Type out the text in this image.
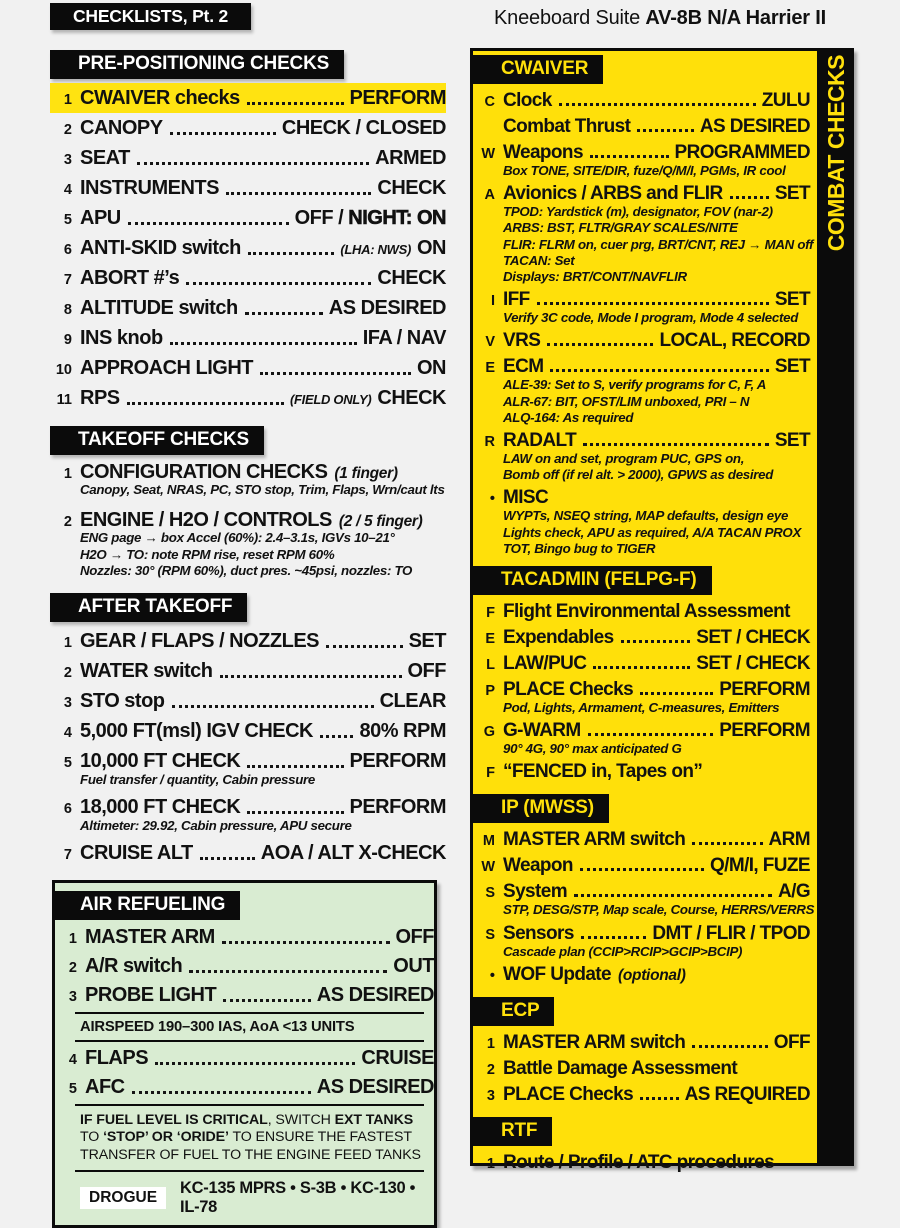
CHECKLISTS, Pt. 2	Kneeboard Suite AV-8B N/A Harrier II
PRE-POSITIONING CHECKS
1 CWAIVER checks	PERFORM
2 CANOPY	CHECK / CLOSED
3 SEAT	ARMED
4 INSTRUMENTS	CHECK
5 APU	OFF / NIGHT: ON
6 ANTI-SKID switch	(LHA: NWS) ON
7 ABORT #’s	CHECK
8 ALTITUDE switch	AS DESIRED
9 INS knob	IFA / NAV
10 APPROACH LIGHT	ON
11 RPS	(FIELD ONLY) CHECK
TAKEOFF CHECKS
1 CONFIGURATION CHECKS (1 finger)
Canopy, Seat, NRAS, PC, STO stop, Trim, Flaps, Wrn/caut lts
2 ENGINE / H2O / CONTROLS (2 / 5 finger)
ENG page → box Accel (60%): 2.4–3.1s, IGVs 10–21°
H2O → TO: note RPM rise, reset RPM 60%
Nozzles: 30° (RPM 60%), duct pres. ~45psi, nozzles: TO
AFTER TAKEOFF
1 GEAR / FLAPS / NOZZLES	SET
2 WATER switch	OFF
3 STO stop	CLEAR
4 5,000 FT(msl) IGV CHECK 80% RPM
5 10,000 FT CHECK	PERFORM
Fuel transfer / quantity, Cabin pressure
6 18,000 FT CHECK	PERFORM
Altimeter: 29.92, Cabin pressure, APU secure
7 CRUISE ALT	AOA / ALT X-CHECK
AIR REFUELING
1 MASTER ARM	OFF
2 A/R switch	OUT
3 PROBE LIGHT	AS DESIRED
AIRSPEED 190–300 IAS, AoA <13 UNITS
4 FLAPS	CRUISE
5 AFC	AS DESIRED
IF FUEL LEVEL IS CRITICAL, SWITCH EXT TANKS TO ‘STOP’ OR ‘ORIDE’ TO ENSURE THE FASTEST TRANSFER OF FUEL TO THE ENGINE FEED TANKS
DROGUE
KC-135 MPRS • S-3B • KC-130 • IL-78
CWAIVER
C Clock	ZULU
Combat Thrust	AS DESIRED
W Weapons	PROGRAMMED
Box TONE, SITE/DIR, fuze/Q/M/I, PGMs, IR cool
A Avionics / ARBS and FLIR	SET
TPOD: Yardstick (m), designator, FOV (nar-2)
ARBS: BST, FLTR/GRAY SCALES/NITE
FLIR: FLRM on, cuer prg, BRT/CNT, REJ → MAN off
TACAN: Set
Displays: BRT/CONT/NAVFLIR
I IFF	SET
Verify 3C code, Mode I program, Mode 4 selected
V VRS	LOCAL, RECORD
E ECM	SET
ALE-39: Set to S, verify programs for C, F, A
ALR-67: BIT, OFST/LIM unboxed, PRI – N
ALQ-164: As required
R RADALT	SET
LAW on and set, program PUC, GPS on,
Bomb off (if rel alt. > 2000), GPWS as desired
• MISC
WYPTs, NSEQ string, MAP defaults, design eye
Lights check, APU as required, A/A TACAN PROX
TOT, Bingo bug to TIGER
TACADMIN (FELPG-F)
F Flight Environmental Assessment
E Expendables	SET / CHECK
L LAW/PUC	SET / CHECK
P PLACE Checks	PERFORM
Pod, Lights, Armament, C-measures, Emitters
G G-WARM	PERFORM
90° 4G, 90° max anticipated G
F “FENCED in, Tapes on”
IP (MWSS)
M MASTER ARM switch	ARM
W Weapon	Q/M/I, FUZE
S System	A/G
STP, DESG/STP, Map scale, Course, HERRS/VERRS
S Sensors	DMT / FLIR / TPOD
Cascade plan (CCIP>RCIP>GCIP>BCIP)
• WOF Update (optional)
ECP
1 MASTER ARM switch	OFF
2 Battle Damage Assessment
3 PLACE Checks	AS REQUIRED
RTF
1 Route / Profile / ATC procedures
COMBAT CHECKS
